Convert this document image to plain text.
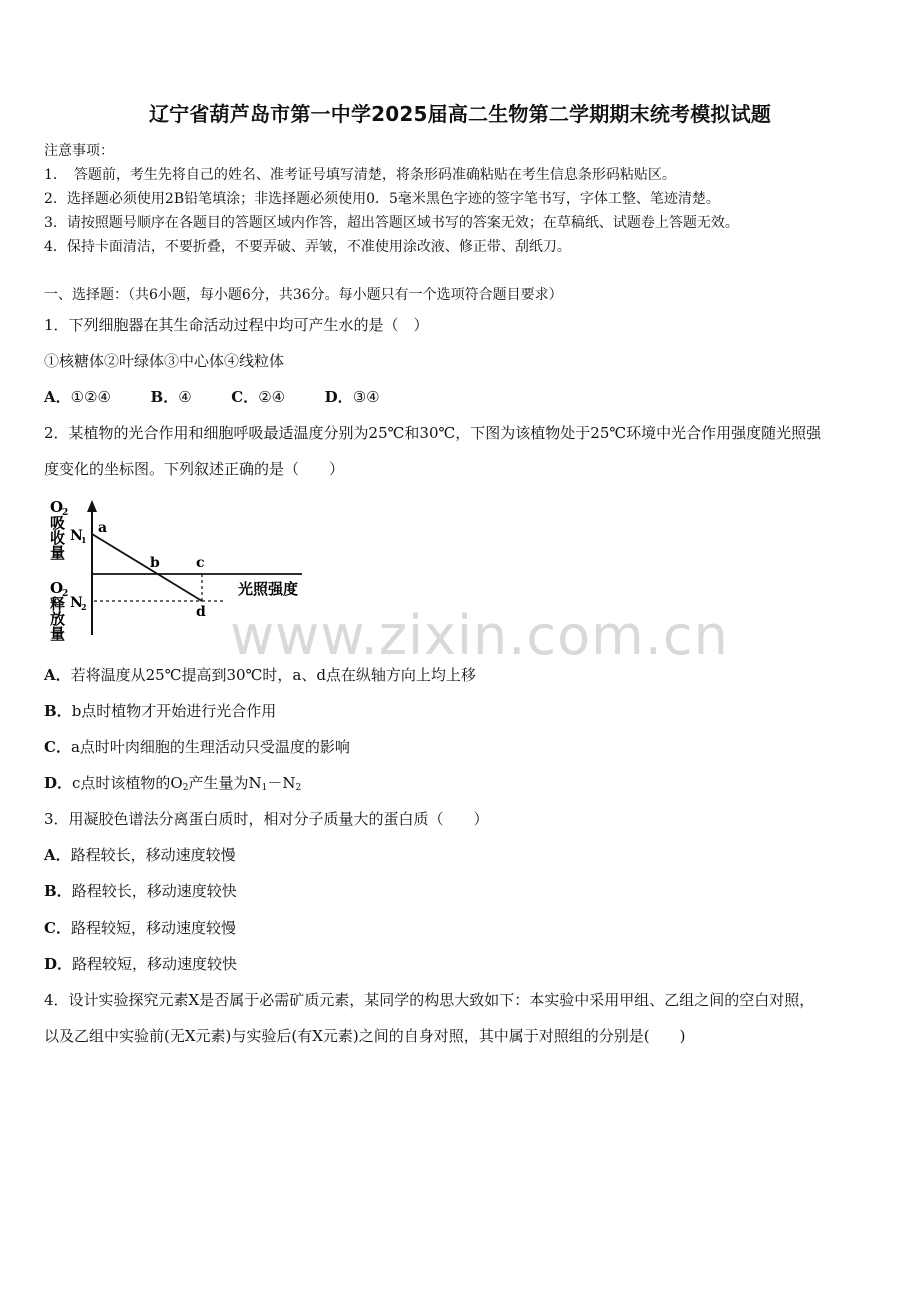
辽宁省葫芦岛市第一中学2025届高二生物第二学期期末统考模拟试题
注意事项：
1．　答题前，考生先将自己的姓名、准考证号填写清楚，将条形码准确粘贴在考生信息条形码粘贴区。
2．选择题必须使用2B铅笔填涂；非选择题必须使用0．5毫米黑色字迹的签字笔书写，字体工整、笔迹清楚。
3．请按照题号顺序在各题目的答题区域内作答，超出答题区域书写的答案无效；在草稿纸、试题卷上答题无效。
4．保持卡面清洁，不要折叠，不要弄破、弄皱，不准使用涂改液、修正带、刮纸刀。
一、选择题：（共6小题，每小题6分，共36分。每小题只有一个选项符合题目要求）
1．下列细胞器在其生命活动过程中均可产生水的是（　）
①核糖体②叶绿体③中心体④线粒体
A．①②④	B．④	C．②④	D．③④
2．某植物的光合作用和细胞呼吸最适温度分别为25℃和30℃，下图为该植物处于25℃环境中光合作用强度随光照强
度变化的坐标图。下列叙述正确的是（　　）
O
2
吸
收
量
O
2
释
放
量
N
1
N
2
a
b	c
d
光照强度
www.zixin.com.cn
A．若将温度从25℃提高到30℃时，a、d点在纵轴方向上均上移
B．b点时植物才开始进行光合作用
C．a点时叶肉细胞的生理活动只受温度的影响
D．c点时该植物的$O_2$产生量为$N_1-N_2$
3．用凝胶色谱法分离蛋白质时，相对分子质量大的蛋白质（　　）
A．路程较长，移动速度较慢
B．路程较长，移动速度较快
C．路程较短，移动速度较慢
D．路程较短，移动速度较快
4．设计实验探究元素X是否属于必需矿质元素，某同学的构思大致如下：本实验中采用甲组、乙组之间的空白对照，
以及乙组中实验前(无X元素)与实验后(有X元素)之间的自身对照，其中属于对照组的分别是(　　)
